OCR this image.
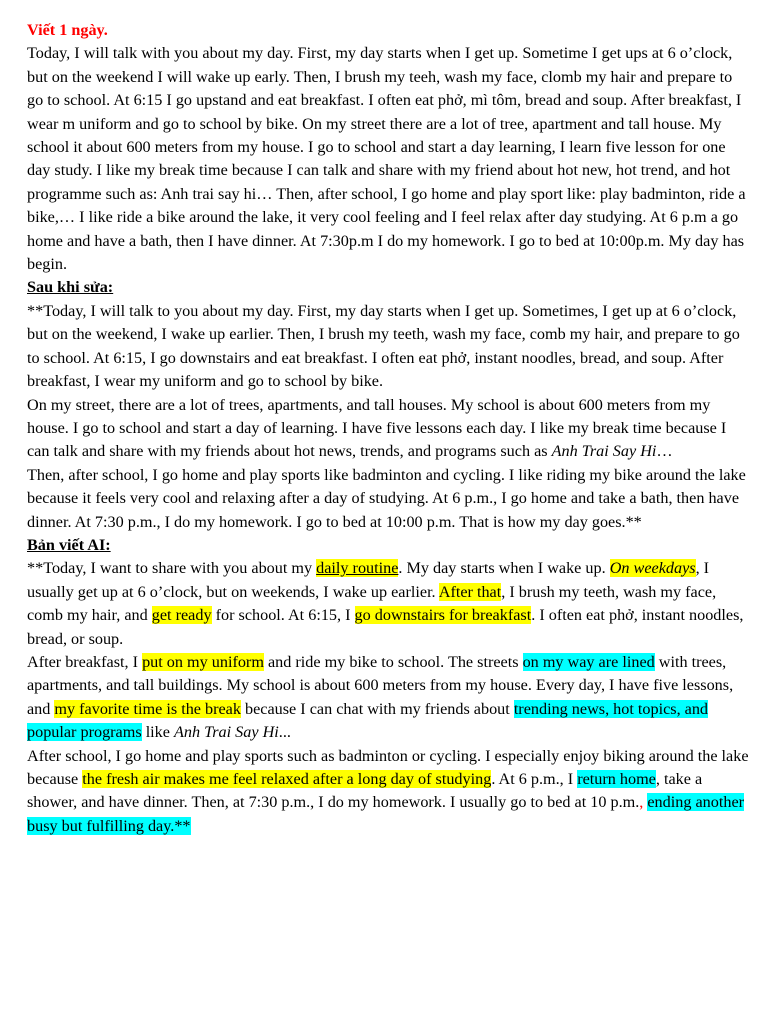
Viết 1 ngày.

Today, I will talk with you about my day. First, my day starts when I get up. Sometime I get ups at 6 o’clock, but on the weekend I will wake up early. Then, I brush my teeh, wash my face, clomb my hair and prepare to go to school. At 6:15 I go upstand and eat breakfast. I often eat phở, mì tôm, bread and soup. After breakfast, I wear m uniform and go to school by bike. On my street there are a lot of tree, apartment and tall house. My school it about 600 meters from my house. I go to school and start a day learning, I learn five lesson for one day study. I like my break time because I can talk and share with my friend about hot new, hot trend, and hot programme such as: Anh trai say hi… Then, after school, I go home and play sport like: play badminton, ride a bike,… I like ride a bike around the lake, it very cool feeling and I feel relax after day studying. At 6 p.m a go home and have a bath, then I have dinner. At 7:30p.m I do my homework. I go to bed at 10:00p.m. My day has begin.

Sau khi sửa:

**Today, I will talk to you about my day. First, my day starts when I get up. Sometimes, I get up at 6 o’clock, but on the weekend, I wake up earlier. Then, I brush my teeth, wash my face, comb my hair, and prepare to go to school. At 6:15, I go downstairs and eat breakfast. I often eat phở, instant noodles, bread, and soup. After breakfast, I wear my uniform and go to school by bike.

On my street, there are a lot of trees, apartments, and tall houses. My school is about 600 meters from my house. I go to school and start a day of learning. I have five lessons each day. I like my break time because I can talk and share with my friends about hot news, trends, and programs such as Anh Trai Say Hi…

Then, after school, I go home and play sports like badminton and cycling. I like riding my bike around the lake because it feels very cool and relaxing after a day of studying. At 6 p.m., I go home and take a bath, then have dinner. At 7:30 p.m., I do my homework. I go to bed at 10:00 p.m. That is how my day goes.**

Bản viết AI:

**Today, I want to share with you about my daily routine. My day starts when I wake up. On weekdays, I usually get up at 6 o’clock, but on weekends, I wake up earlier. After that, I brush my teeth, wash my face, comb my hair, and get ready for school. At 6:15, I go downstairs for breakfast. I often eat phở, instant noodles, bread, or soup.

After breakfast, I put on my uniform and ride my bike to school. The streets on my way are lined with trees, apartments, and tall buildings. My school is about 600 meters from my house. Every day, I have five lessons, and my favorite time is the break because I can chat with my friends about trending news, hot topics, and popular programs like Anh Trai Say Hi...

After school, I go home and play sports such as badminton or cycling. I especially enjoy biking around the lake because the fresh air makes me feel relaxed after a long day of studying. At 6 p.m., I return home, take a shower, and have dinner. Then, at 7:30 p.m., I do my homework. I usually go to bed at 10 p.m., ending another busy but fulfilling day.**
